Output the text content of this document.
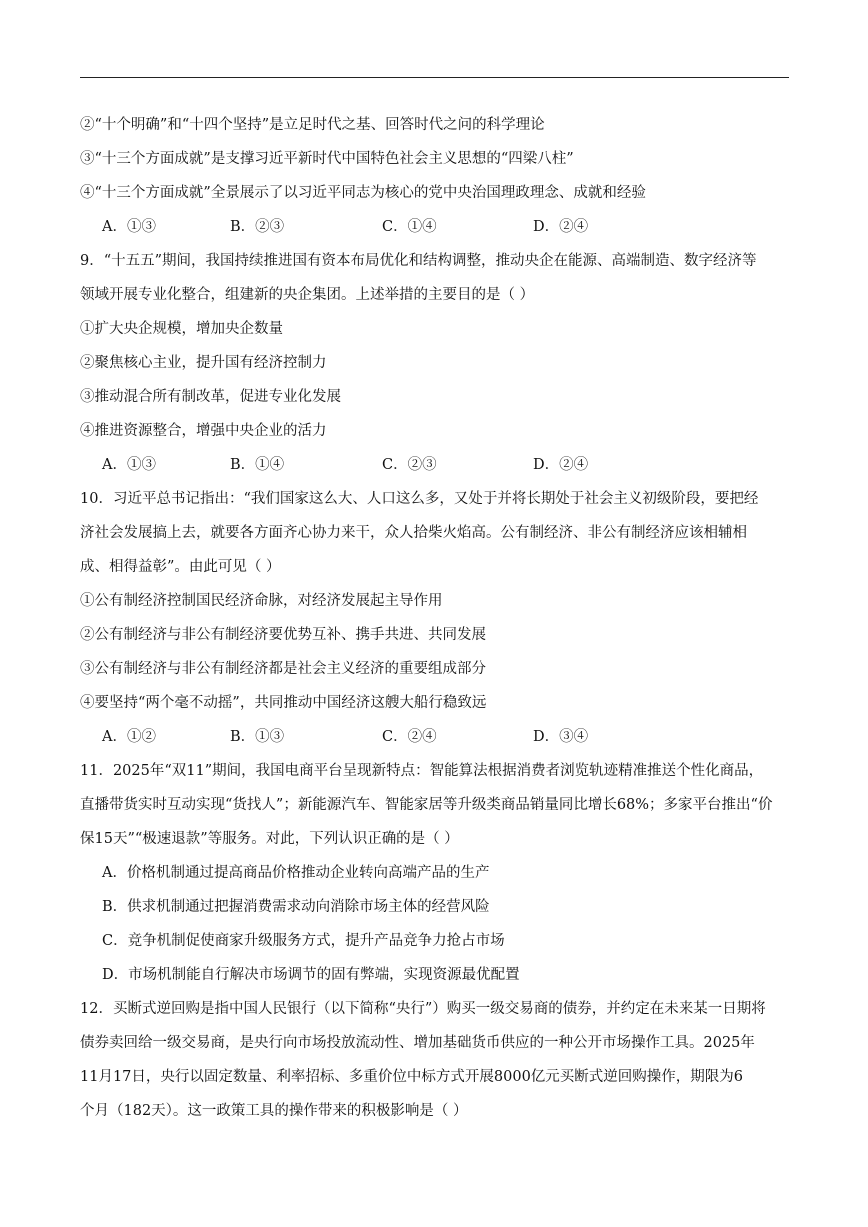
②“十个明确”和“十四个坚持”是立足时代之基、回答时代之问的科学理论
③“十三个方面成就”是支撑习近平新时代中国特色社会主义思想的“四梁八柱”
④“十三个方面成就”全景展示了以习近平同志为核心的党中央治国理政理念、成就和经验
A．①③	B．②③	C．①④	D．②④
9．“十五五”期间，我国持续推进国有资本布局优化和结构调整，推动央企在能源、高端制造、数字经济等
领域开展专业化整合，组建新的央企集团。上述举措的主要目的是（ ）
①扩大央企规模，增加央企数量
②聚焦核心主业，提升国有经济控制力
③推动混合所有制改革，促进专业化发展
④推进资源整合，增强中央企业的活力
A．①③	B．①④	C．②③	D．②④
10．习近平总书记指出：“我们国家这么大、人口这么多，又处于并将长期处于社会主义初级阶段，要把经
济社会发展搞上去，就要各方面齐心协力来干，众人拾柴火焰高。公有制经济、非公有制经济应该相辅相
成、相得益彰”。由此可见（ ）
①公有制经济控制国民经济命脉，对经济发展起主导作用
②公有制经济与非公有制经济要优势互补、携手共进、共同发展
③公有制经济与非公有制经济都是社会主义经济的重要组成部分
④要坚持“两个毫不动摇”，共同推动中国经济这艘大船行稳致远
A．①②	B．①③	C．②④	D．③④
11．2025年“双11”期间，我国电商平台呈现新特点：智能算法根据消费者浏览轨迹精准推送个性化商品，
直播带货实时互动实现“货找人”；新能源汽车、智能家居等升级类商品销量同比增长68%；多家平台推出“价
保15天”“极速退款”等服务。对此，下列认识正确的是（ ）
A．价格机制通过提高商品价格推动企业转向高端产品的生产
B．供求机制通过把握消费需求动向消除市场主体的经营风险
C．竞争机制促使商家升级服务方式，提升产品竞争力抢占市场
D．市场机制能自行解决市场调节的固有弊端，实现资源最优配置
12．买断式逆回购是指中国人民银行（以下简称“央行”）购买一级交易商的债券，并约定在未来某一日期将
债券卖回给一级交易商，是央行向市场投放流动性、增加基础货币供应的一种公开市场操作工具。2025年
11月17日，央行以固定数量、利率招标、多重价位中标方式开展8000亿元买断式逆回购操作，期限为6
个月（182天）。这一政策工具的操作带来的积极影响是（ ）
